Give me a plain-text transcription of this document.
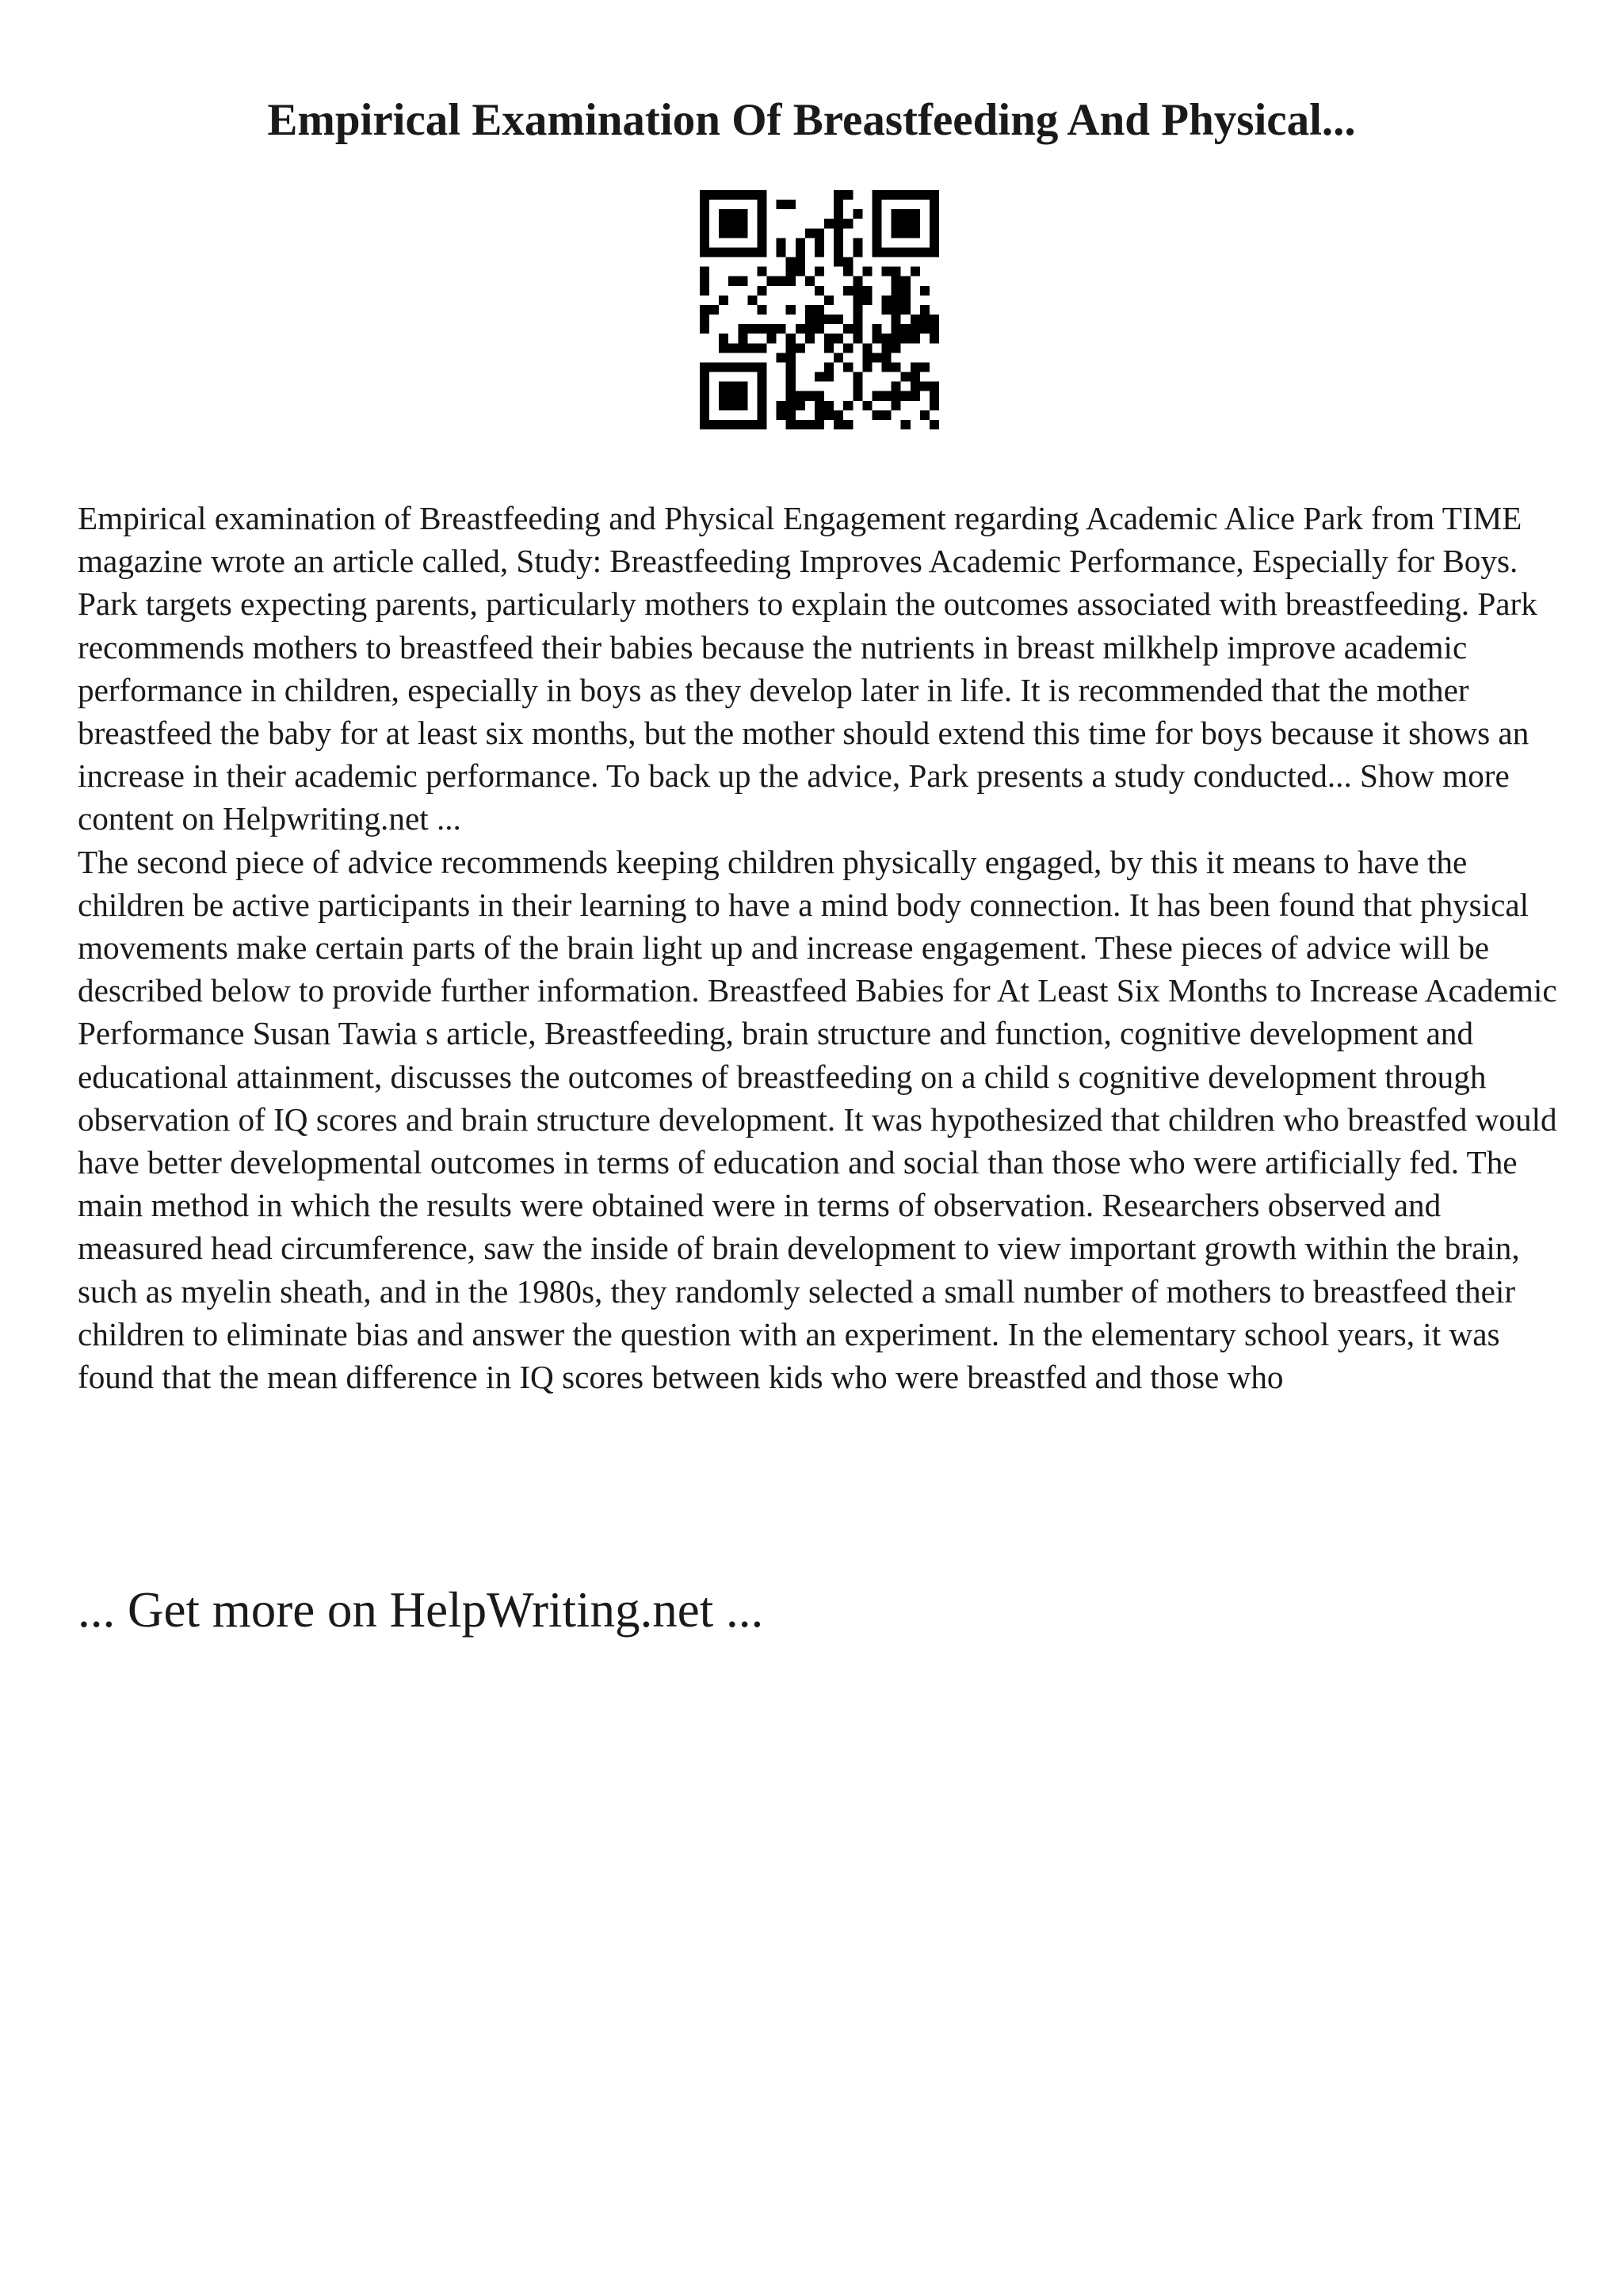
Empirical Examination Of Breastfeeding And Physical...

Empirical examination of Breastfeeding and Physical Engagement regarding Academic Alice Park from TIME magazine wrote an article called, Study: Breastfeeding Improves Academic Performance, Especially for Boys. Park targets expecting parents, particularly mothers to explain the outcomes associated with breastfeeding. Park recommends mothers to breastfeed their babies because the nutrients in breast milkhelp improve academic performance in children, especially in boys as they develop later in life. It is recommended that the mother breastfeed the baby for at least six months, but the mother should extend this time for boys because it shows an increase in their academic performance. To back up the advice, Park presents a study conducted... Show more content on Helpwriting.net ...

The second piece of advice recommends keeping children physically engaged, by this it means to have the children be active participants in their learning to have a mind body connection. It has been found that physical movements make certain parts of the brain light up and increase engagement. These pieces of advice will be described below to provide further information. Breastfeed Babies for At Least Six Months to Increase Academic Performance Susan Tawia s article, Breastfeeding, brain structure and function, cognitive development and educational attainment, discusses the outcomes of breastfeeding on a child s cognitive development through observation of IQ scores and brain structure development. It was hypothesized that children who breastfed would have better developmental outcomes in terms of education and social than those who were artificially fed. The main method in which the results were obtained were in terms of observation. Researchers observed and measured head circumference, saw the inside of brain development to view important growth within the brain, such as myelin sheath, and in the 1980s, they randomly selected a small number of mothers to breastfeed their children to eliminate bias and answer the question with an experiment. In the elementary school years, it was found that the mean difference in IQ scores between kids who were breastfed and those who

... Get more on HelpWriting.net ...
